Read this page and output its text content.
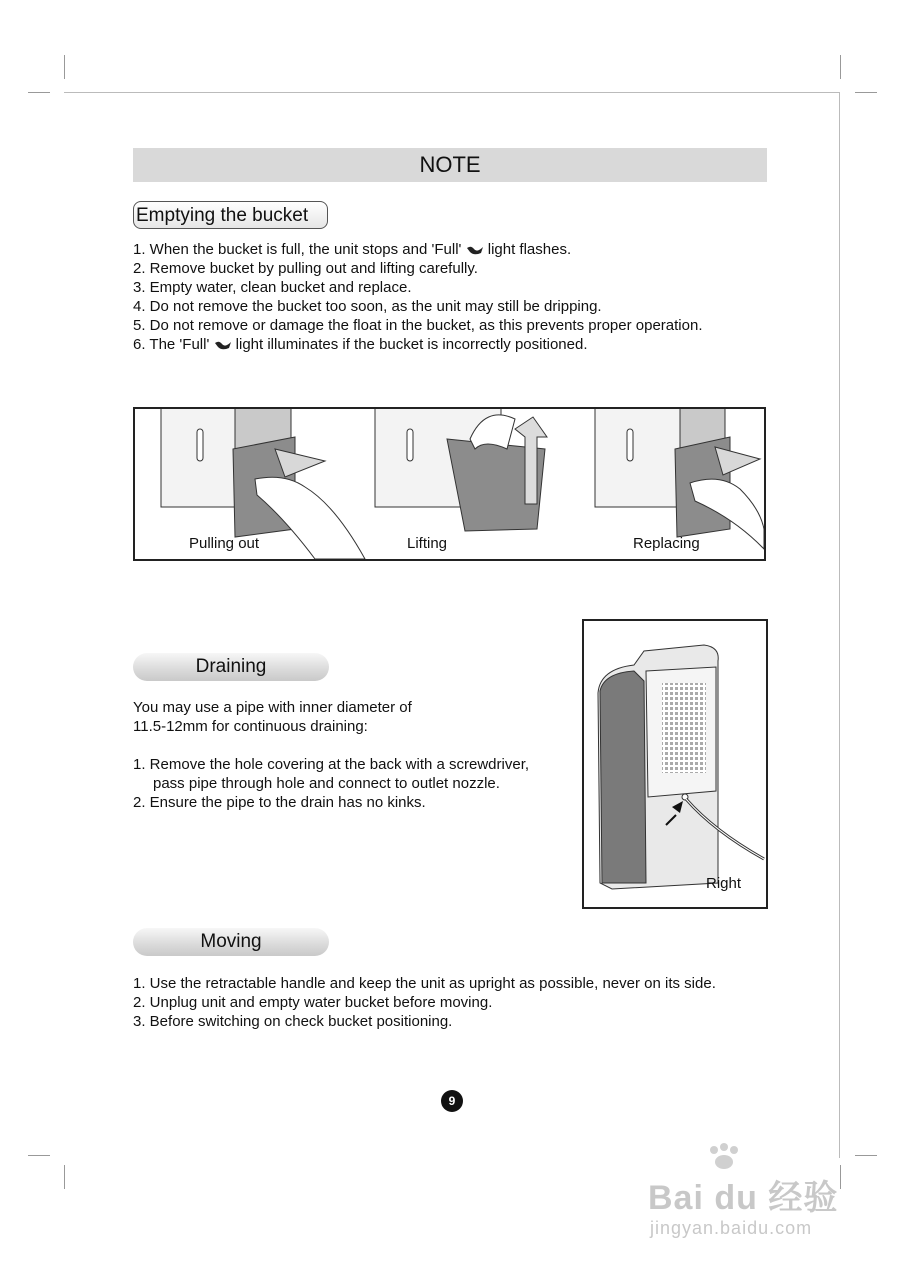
NOTE
Emptying the bucket
1. When the bucket is full, the unit stops and 'Full'  light flashes.
2. Remove bucket by pulling out and lifting carefully.
3. Empty water, clean bucket and replace.
4. Do not remove the bucket too soon, as the unit may still be dripping.
5. Do not remove or damage the float in the bucket, as this prevents proper operation.
6. The 'Full'  light illuminates if the bucket is incorrectly positioned.
Pulling out	Lifting	Replacing
Draining
You may use a pipe with inner diameter of
11.5-12mm for continuous draining:
1. Remove the hole covering at the back with a screwdriver, pass pipe through hole and connect to outlet nozzle.
2. Ensure the pipe to the drain has no kinks.
Right
Moving
1. Use the retractable handle and keep the unit as upright as possible, never on its side.
2. Unplug unit and empty water bucket before moving.
3. Before switching on check bucket positioning.
9
Bai du 经验
jingyan.baidu.com
